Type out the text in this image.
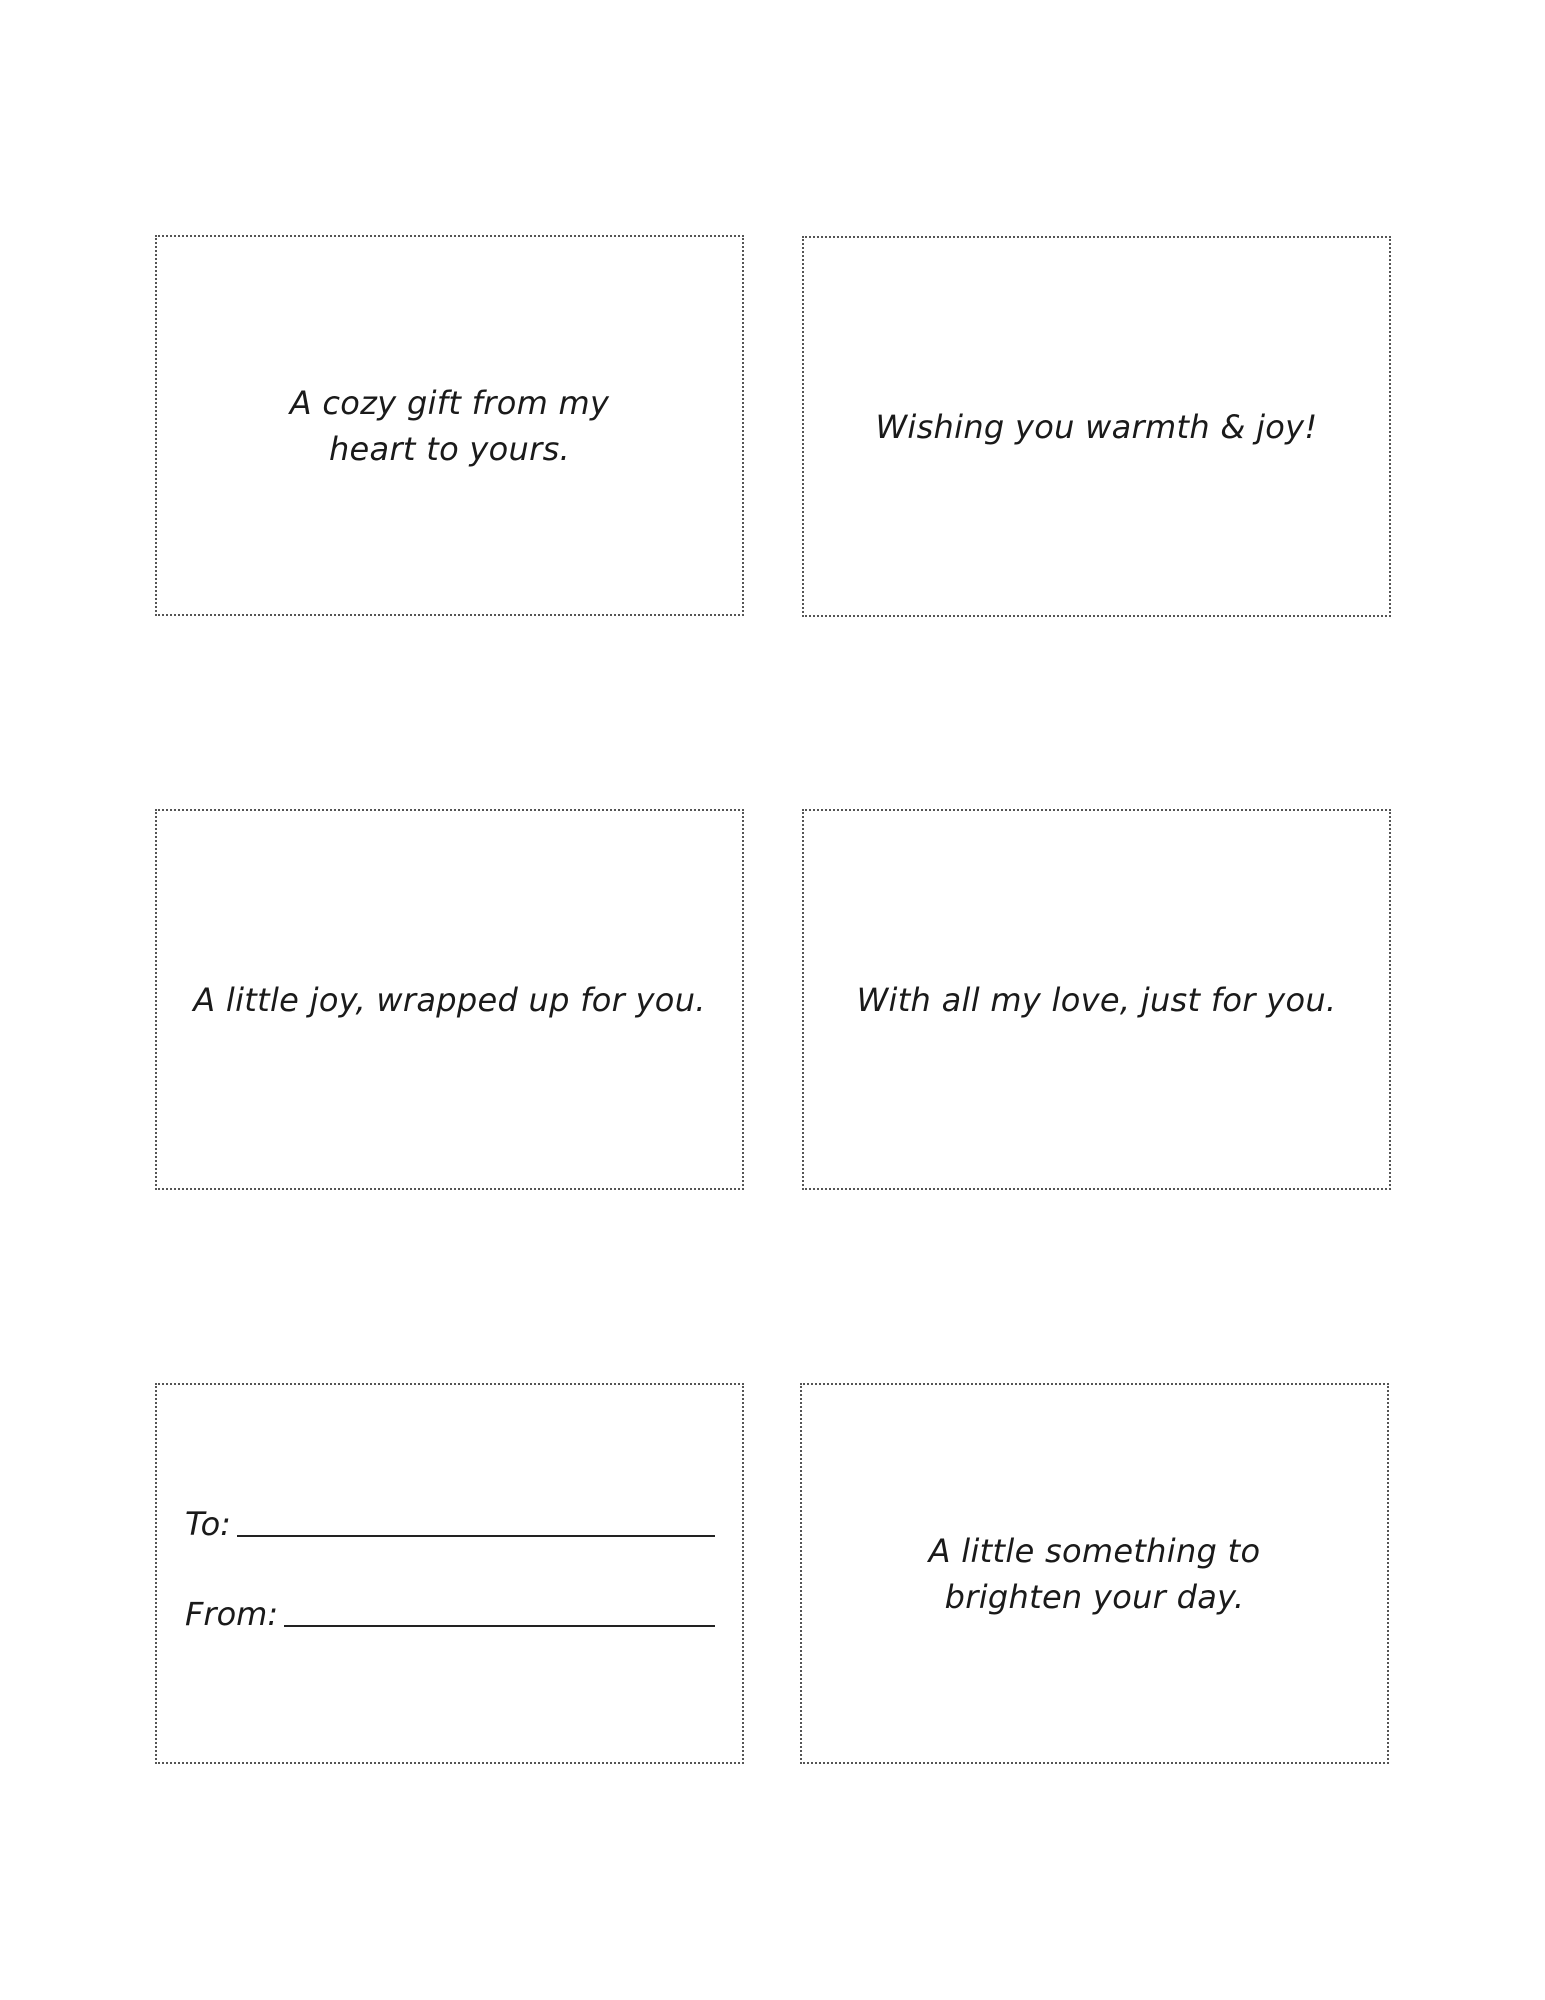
A cozy gift from my
heart to yours.
Wishing you warmth & joy!
A little joy, wrapped up for you.	With all my love, just for you.
To:
From:
A little something to
brighten your day.
